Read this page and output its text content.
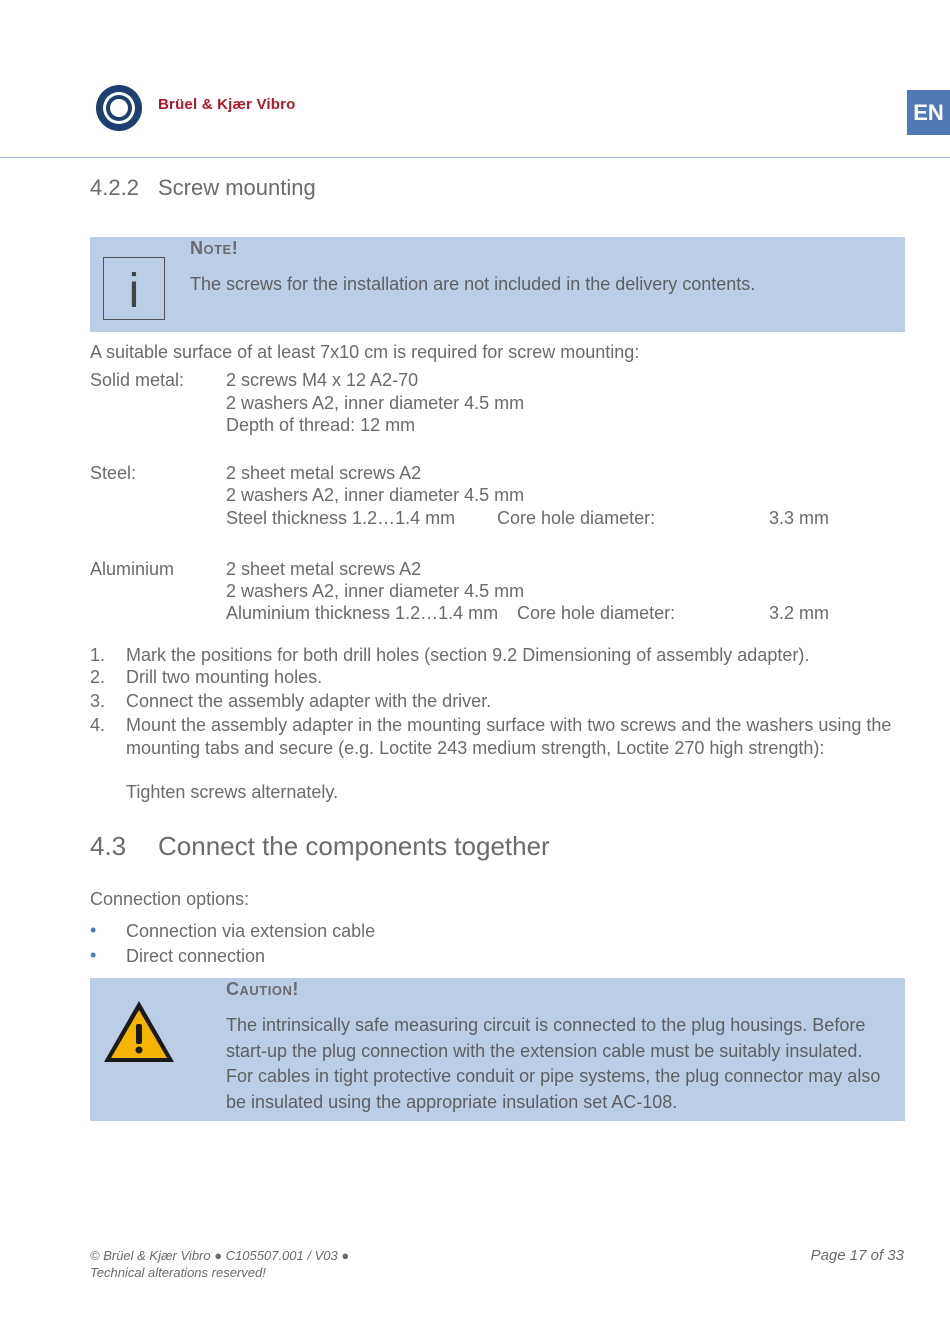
Brüel & Kjær Vibro	EN
4.2.2 Screw mounting
i
Note!
The screws for the installation are not included in the delivery contents.
A suitable surface of at least 7x10 cm is required for screw mounting:
Solid metal: 2 screws M4 x 12 A2-70
2 washers A2, inner diameter 4.5 mm
Depth of thread: 12 mm
Steel:	2 sheet metal screws A2
2 washers A2, inner diameter 4.5 mm
Steel thickness 1.2…1.4 mm Core hole diameter:	3.3 mm
Aluminium	2 sheet metal screws A2
2 washers A2, inner diameter 4.5 mm
Aluminium thickness 1.2…1.4 mm Core hole diameter:	3.2 mm
1. Mark the positions for both drill holes (section 9.2 Dimensioning of assembly adapter).
2. Drill two mounting holes.
3. Connect the assembly adapter with the driver.
4. Mount the assembly adapter in the mounting surface with two screws and the washers using the mounting tabs and secure (e.g. Loctite 243 medium strength, Loctite 270 high strength):
Tighten screws alternately.
4.3 Connect the components together
Connection options:
• Connection via extension cable
• Direct connection
Caution!
The intrinsically safe measuring circuit is connected to the plug housings. Before start-up the plug connection with the extension cable must be suitably insulated. For cables in tight protective conduit or pipe systems, the plug connector may also be insulated using the appropriate insulation set AC-108.
© Brüel & Kjær Vibro ● C105507.001 / V03 ●
Technical alterations reserved!
Page 17 of 33
